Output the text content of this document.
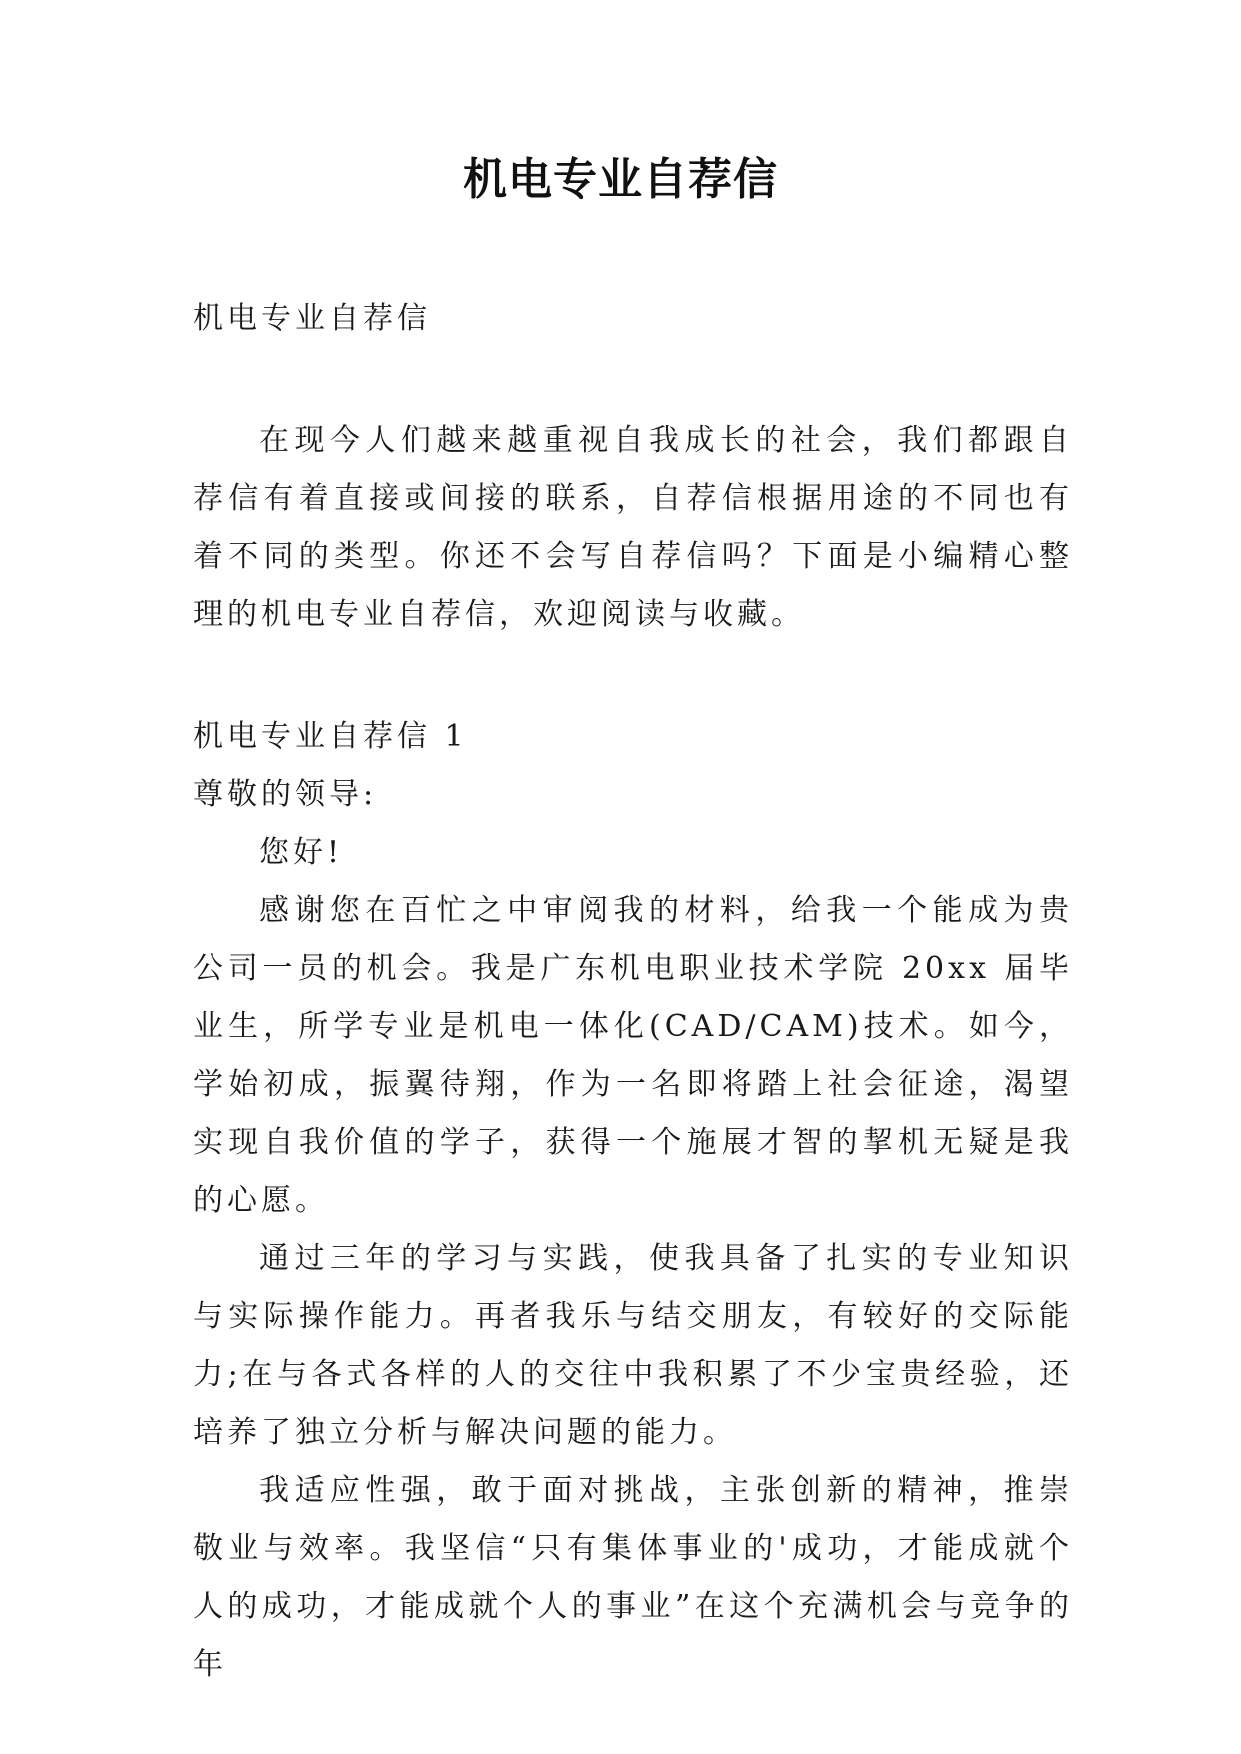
机电专业自荐信

机电专业自荐信

在现今人们越来越重视自我成长的社会，我们都跟自荐信有着直接或间接的联系，自荐信根据用途的不同也有着不同的类型。你还不会写自荐信吗？下面是小编精心整理的机电专业自荐信，欢迎阅读与收藏。

机电专业自荐信 1

尊敬的领导:

您好!

感谢您在百忙之中审阅我的材料，给我一个能成为贵公司一员的机会。我是广东机电职业技术学院 20xx 届毕业生，所学专业是机电一体化(CAD/CAM)技术。如今，学始初成，振翼待翔，作为一名即将踏上社会征途，渴望实现自我价值的学子，获得一个施展才智的挈机无疑是我的心愿。

通过三年的学习与实践，使我具备了扎实的专业知识与实际操作能力。再者我乐与结交朋友，有较好的交际能力;在与各式各样的人的交往中我积累了不少宝贵经验，还培养了独立分析与解决问题的能力。

我适应性强，敢于面对挑战，主张创新的精神，推崇敬业与效率。我坚信“只有集体事业的'成功，才能成就个人的成功，才能成就个人的事业”在这个充满机会与竞争的年
